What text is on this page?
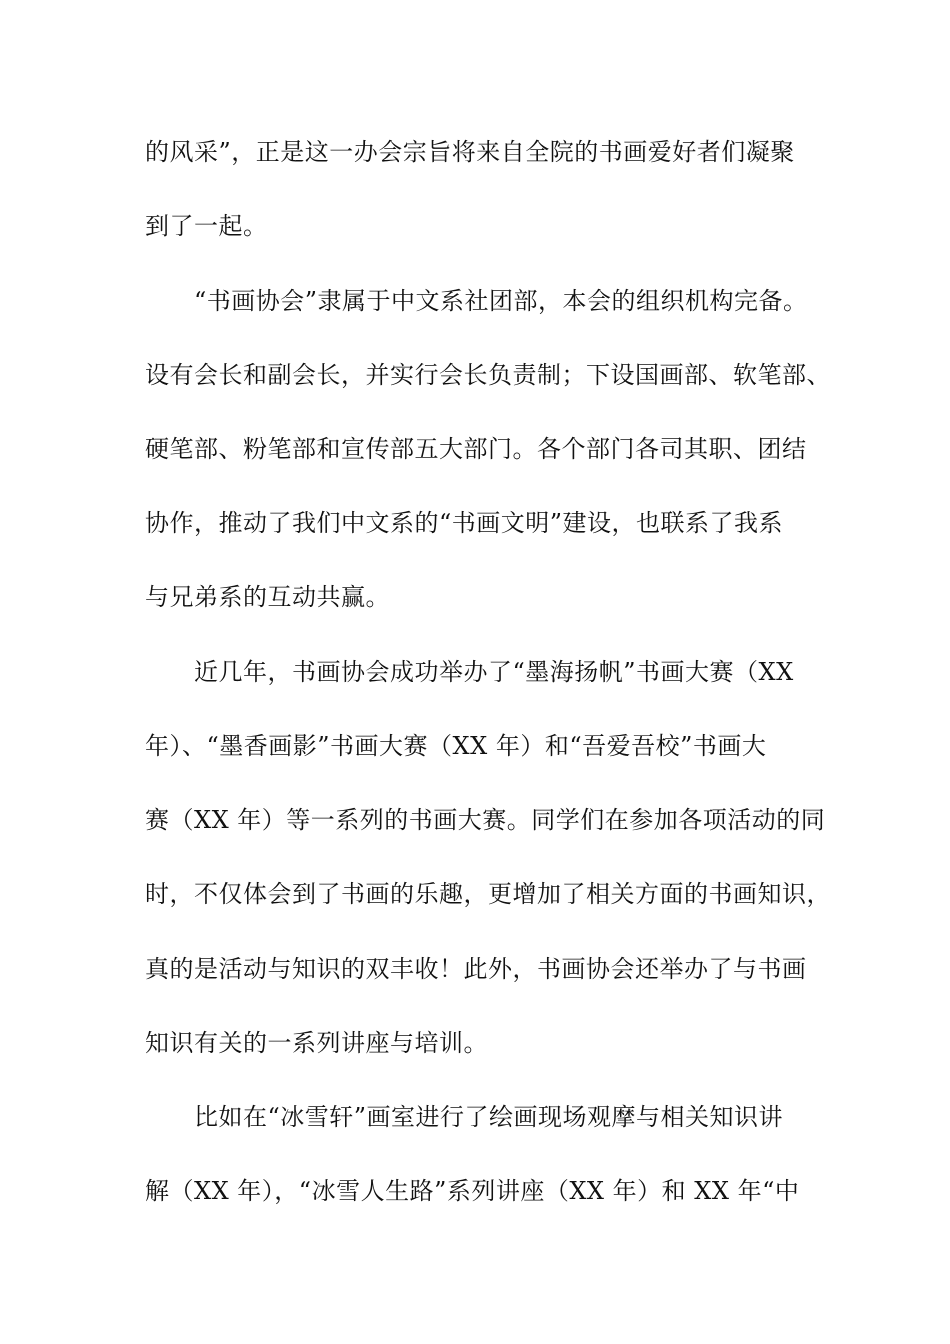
的风采”，正是这一办会宗旨将来自全院的书画爱好者们凝聚
到了一起。
“书画协会”隶属于中文系社团部，本会的组织机构完备。
设有会长和副会长，并实行会长负责制；下设国画部、软笔部、
硬笔部、粉笔部和宣传部五大部门。各个部门各司其职、团结
协作，推动了我们中文系的“书画文明”建设，也联系了我系
与兄弟系的互动共赢。
近几年，书画协会成功举办了“墨海扬帆”书画大赛（XX
年）、“墨香画影”书画大赛（XX 年）和“吾爱吾校”书画大
赛（XX 年）等一系列的书画大赛。同学们在参加各项活动的同
时，不仅体会到了书画的乐趣，更增加了相关方面的书画知识，
真的是活动与知识的双丰收！此外，书画协会还举办了与书画
知识有关的一系列讲座与培训。
比如在“冰雪轩”画室进行了绘画现场观摩与相关知识讲
解（XX 年），“冰雪人生路”系列讲座（XX 年）和 XX 年“中
